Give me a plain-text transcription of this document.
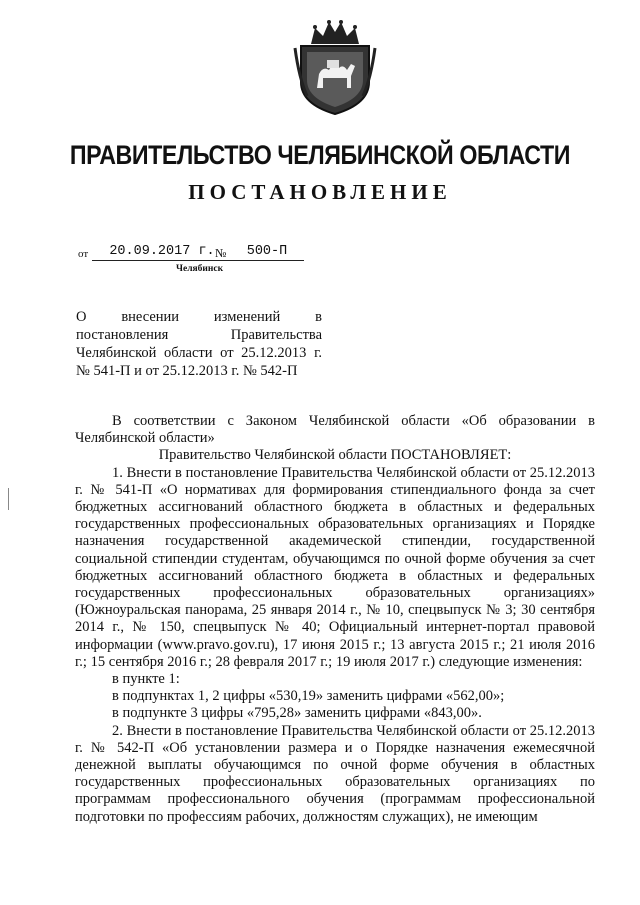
ПРАВИТЕЛЬСТВО ЧЕЛЯБИНСКОЙ ОБЛАСТИ
ПОСТАНОВЛЕНИЕ
от	20.09.2017 г. №	500-П
Челябинск
О внесении изменений в постановления Правительства Челябинской области от 25.12.2013 г. № 541-П и от 25.12.2013 г. № 542-П

В соответствии с Законом Челябинской области «Об образовании в Челябинской области»

Правительство Челябинской области ПОСТАНОВЛЯЕТ:

1. Внести в постановление Правительства Челябинской области от 25.12.2013 г. № 541-П «О нормативах для формирования стипендиального фонда за счет бюджетных ассигнований областного бюджета в областных и федеральных государственных профессиональных образовательных организациях и Порядке назначения государственной академической стипендии, государственной социальной стипендии студентам, обучающимся по очной форме обучения за счет бюджетных ассигнований областного бюджета в областных и федеральных государственных профессиональных образовательных организациях» (Южноуральская панорама, 25 января 2014 г., № 10, спецвыпуск № 3; 30 сентября 2014 г., № 150, спецвыпуск № 40; Официальный интернет-портал правовой информации (www.pravo.gov.ru), 17 июня 2015 г.; 13 августа 2015 г.; 21 июля 2016 г.; 15 сентября 2016 г.; 28 февраля 2017 г.; 19 июля 2017 г.) следующие изменения:

в пункте 1:

в подпунктах 1, 2 цифры «530,19» заменить цифрами «562,00»;

в подпункте 3 цифры «795,28» заменить цифрами «843,00».

2. Внести в постановление Правительства Челябинской области от 25.12.2013 г. № 542-П «Об установлении размера и о Порядке назначения ежемесячной денежной выплаты обучающимся по очной форме обучения в областных государственных профессиональных образовательных организациях по программам профессионального обучения (программам профессиональной подготовки по профессиям рабочих, должностям служащих), не имеющим
